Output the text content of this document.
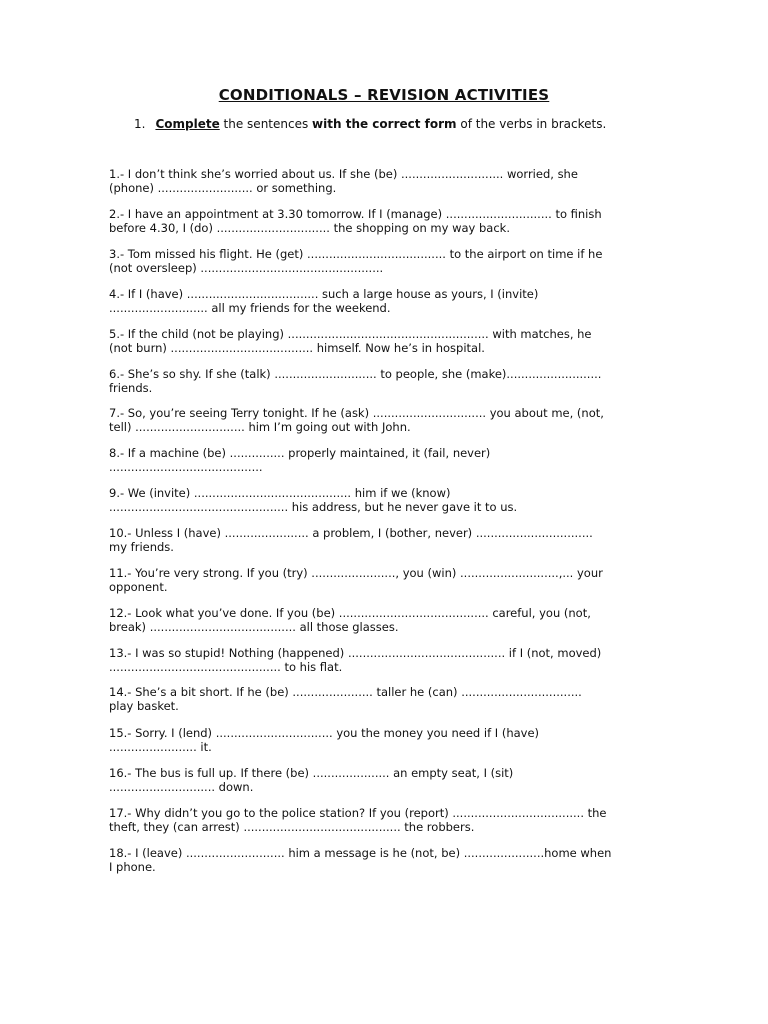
CONDITIONALS – REVISION ACTIVITIES
1. Complete the sentences with the correct form of the verbs in brackets.
1.- I don’t think she’s worried about us. If she (be) ............................ worried, she
(phone) .......................... or something.
2.- I have an appointment at 3.30 tomorrow. If I (manage) ............................. to finish
before 4.30, I (do) ............................... the shopping on my way back.
3.- Tom missed his flight. He (get) ...................................... to the airport on time if he
(not oversleep) ..................................................
4.- If I (have) .................................... such a large house as yours, I (invite)
........................... all my friends for the weekend.
5.- If the child (not be playing) ....................................................... with matches, he
(not burn) ....................................... himself. Now he’s in hospital.
6.- She’s so shy. If she (talk) ............................ to people, she (make)..........................
friends.
7.- So, you’re seeing Terry tonight. If he (ask) ............................... you about me, (not,
tell) .............................. him I’m going out with John.
8.- If a machine (be) ............... properly maintained, it (fail, never)
..........................................
9.- We (invite) ........................................... him if we (know)
................................................. his address, but he never gave it to us.
10.- Unless I (have) ....................... a problem, I (bother, never) ................................
my friends.
11.- You’re very strong. If you (try) ......................., you (win) ...........................,... your
opponent.
12.- Look what you’ve done. If you (be) ......................................... careful, you (not,
break) ........................................ all those glasses.
13.- I was so stupid! Nothing (happened) ........................................... if I (not, moved)
............................................... to his flat.
14.- She’s a bit short. If he (be) ...................... taller he (can) .................................
play basket.
15.- Sorry. I (lend) ................................ you the money you need if I (have)
........................ it.
16.- The bus is full up. If there (be) ..................... an empty seat, I (sit)
............................. down.
17.- Why didn’t you go to the police station? If you (report) .................................... the
theft, they (can arrest) ........................................... the robbers.
18.- I (leave) ........................... him a message is he (not, be) ......................home when
I phone.
